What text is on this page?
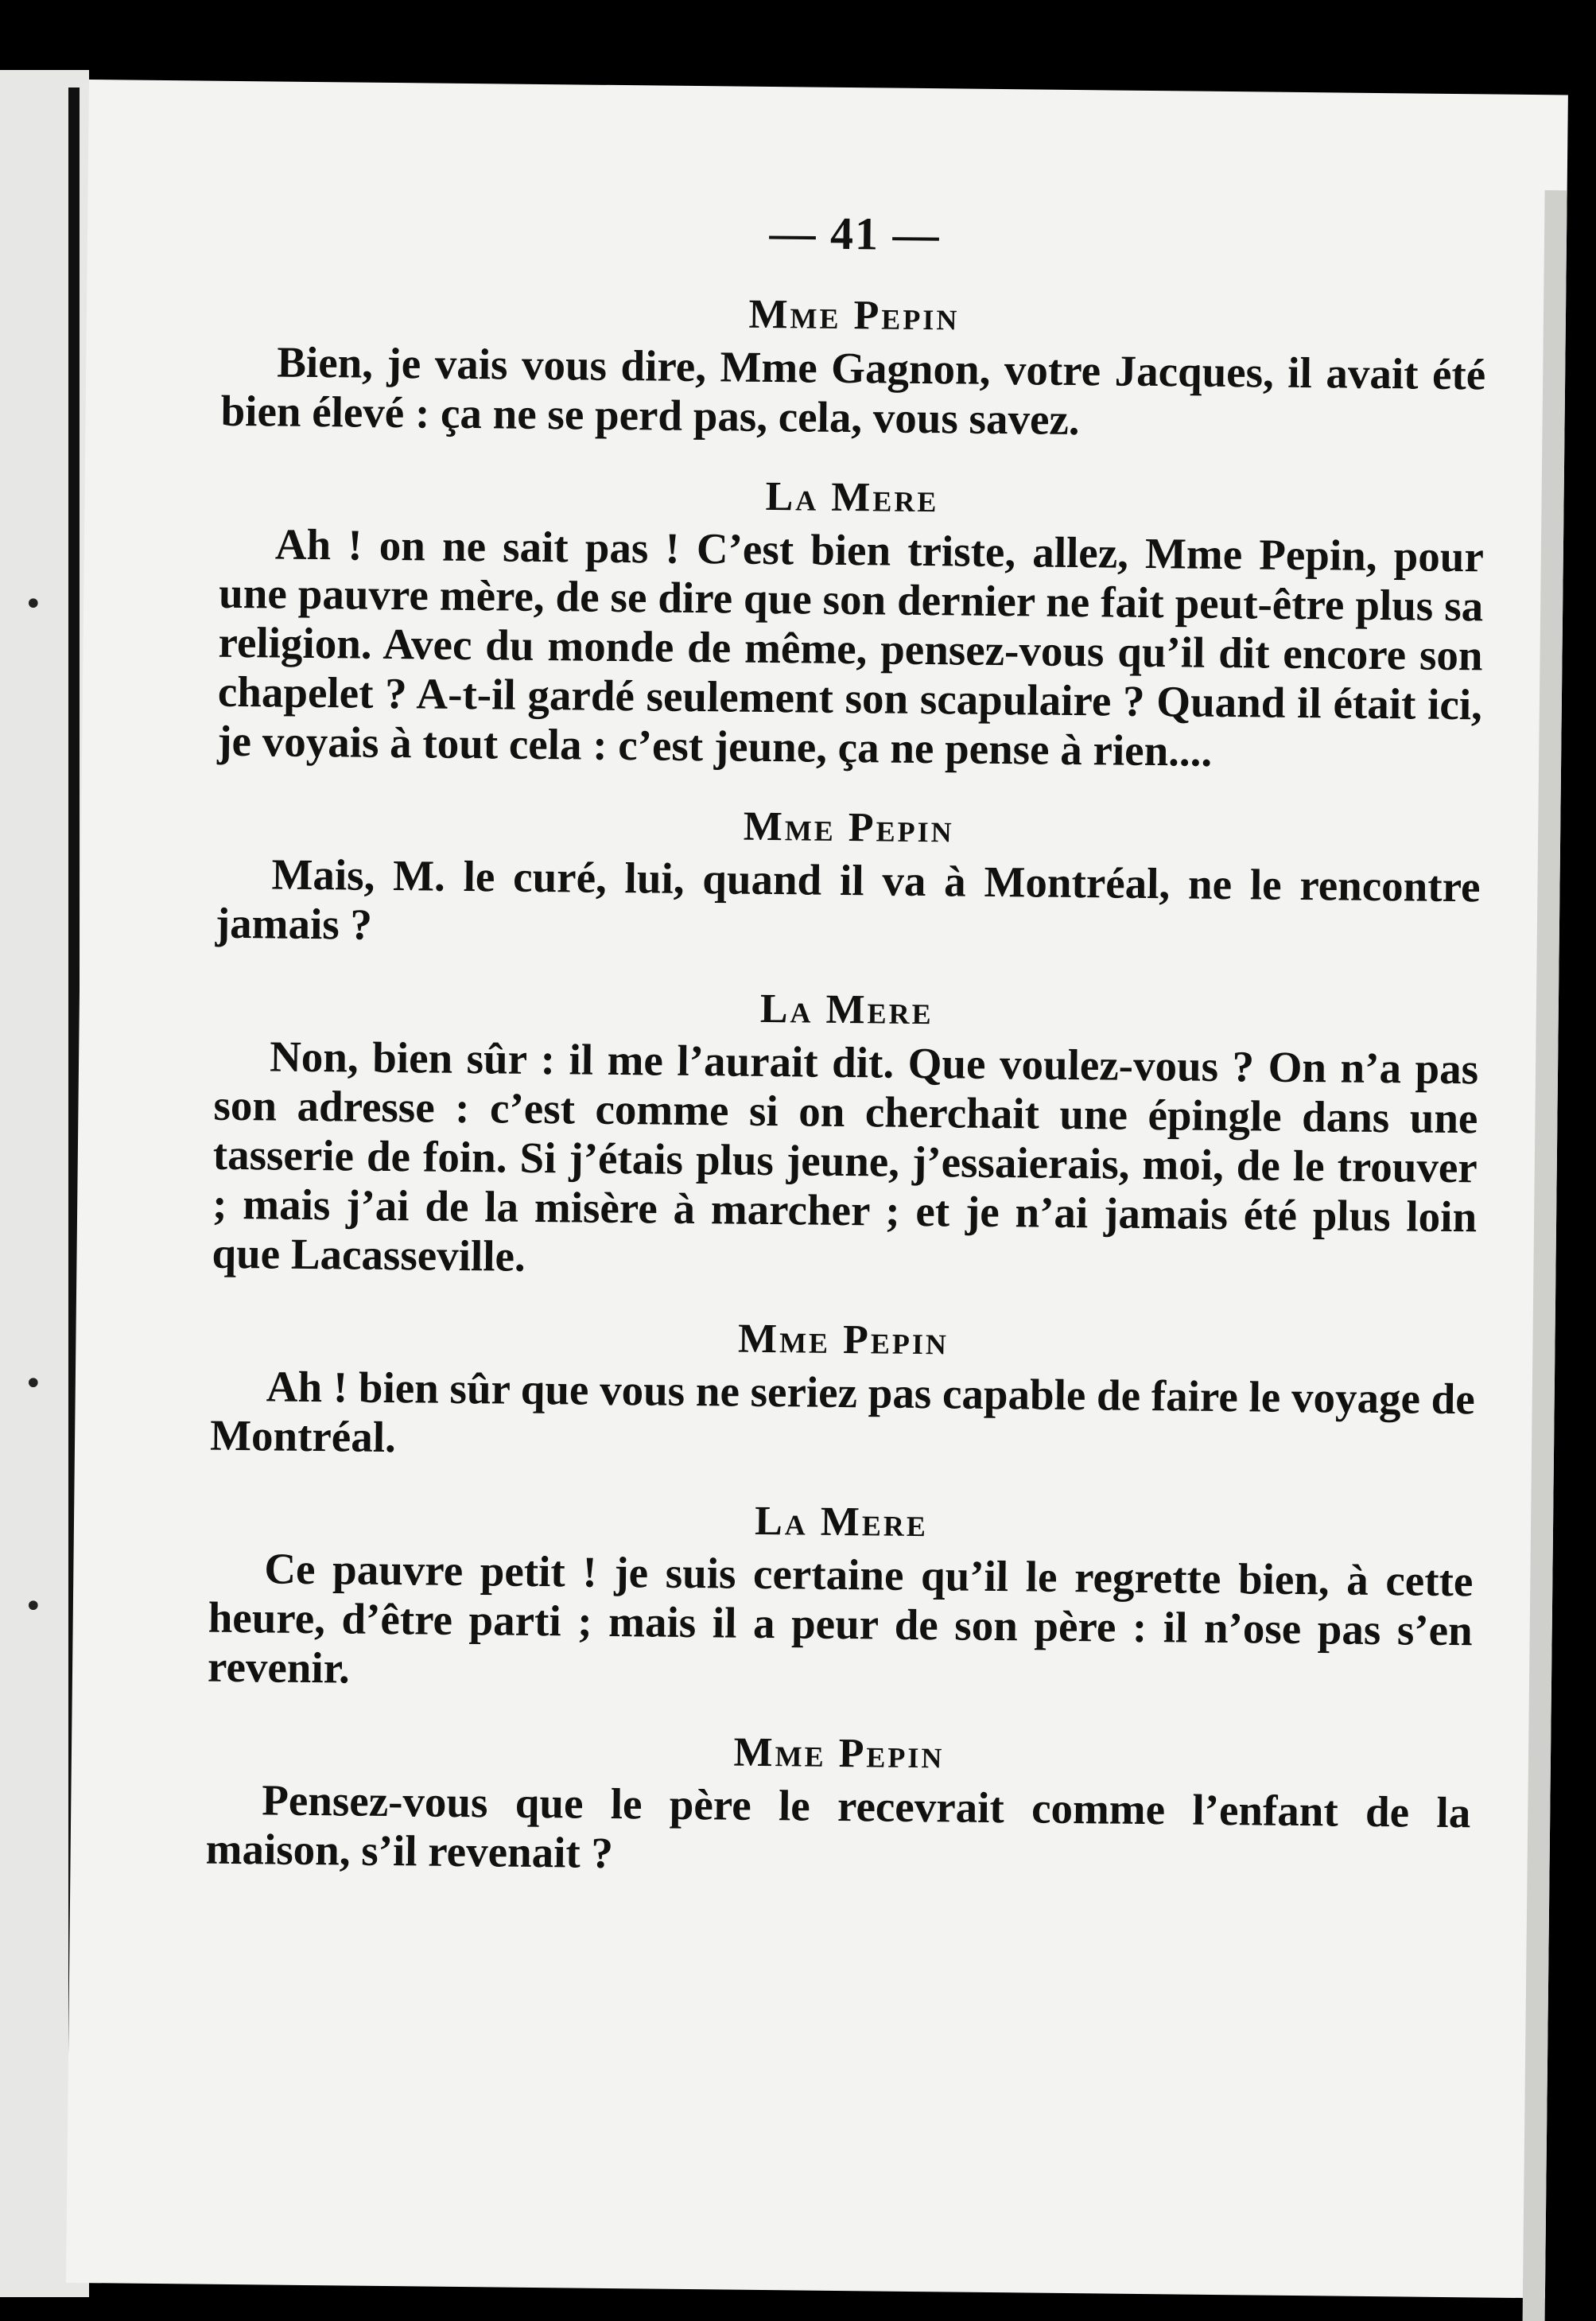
•
•
•
— 41 —
Mme Pepin

Bien, je vais vous dire, Mme Gagnon, votre Jacques, il avait été bien élevé : ça ne se perd pas, cela, vous savez.

La Mere

Ah ! on ne sait pas ! C’est bien triste, allez, Mme Pepin, pour une pauvre mère, de se dire que son dernier ne fait peut-être plus sa religion. Avec du monde de même, pensez-vous qu’il dit encore son chapelet ? A-t-il gardé seulement son scapulaire ? Quand il était ici, je voyais à tout cela : c’est jeune, ça ne pense à rien....

Mme Pepin

Mais, M. le curé, lui, quand il va à Montréal, ne le rencontre jamais ?

La Mere

Non, bien sûr : il me l’aurait dit. Que voulez-vous ? On n’a pas son adresse : c’est comme si on cherchait une épingle dans une tasserie de foin. Si j’étais plus jeune, j’essaierais, moi, de le trouver ; mais j’ai de la misère à marcher ; et je n’ai jamais été plus loin que Lacasseville.

Mme Pepin

Ah ! bien sûr que vous ne seriez pas capable de faire le voyage de Montréal.

La Mere

Ce pauvre petit ! je suis certaine qu’il le regrette bien, à cette heure, d’être parti ; mais il a peur de son père : il n’ose pas s’en revenir.

Mme Pepin

Pensez-vous que le père le recevrait comme l’enfant de la maison, s’il revenait ?
